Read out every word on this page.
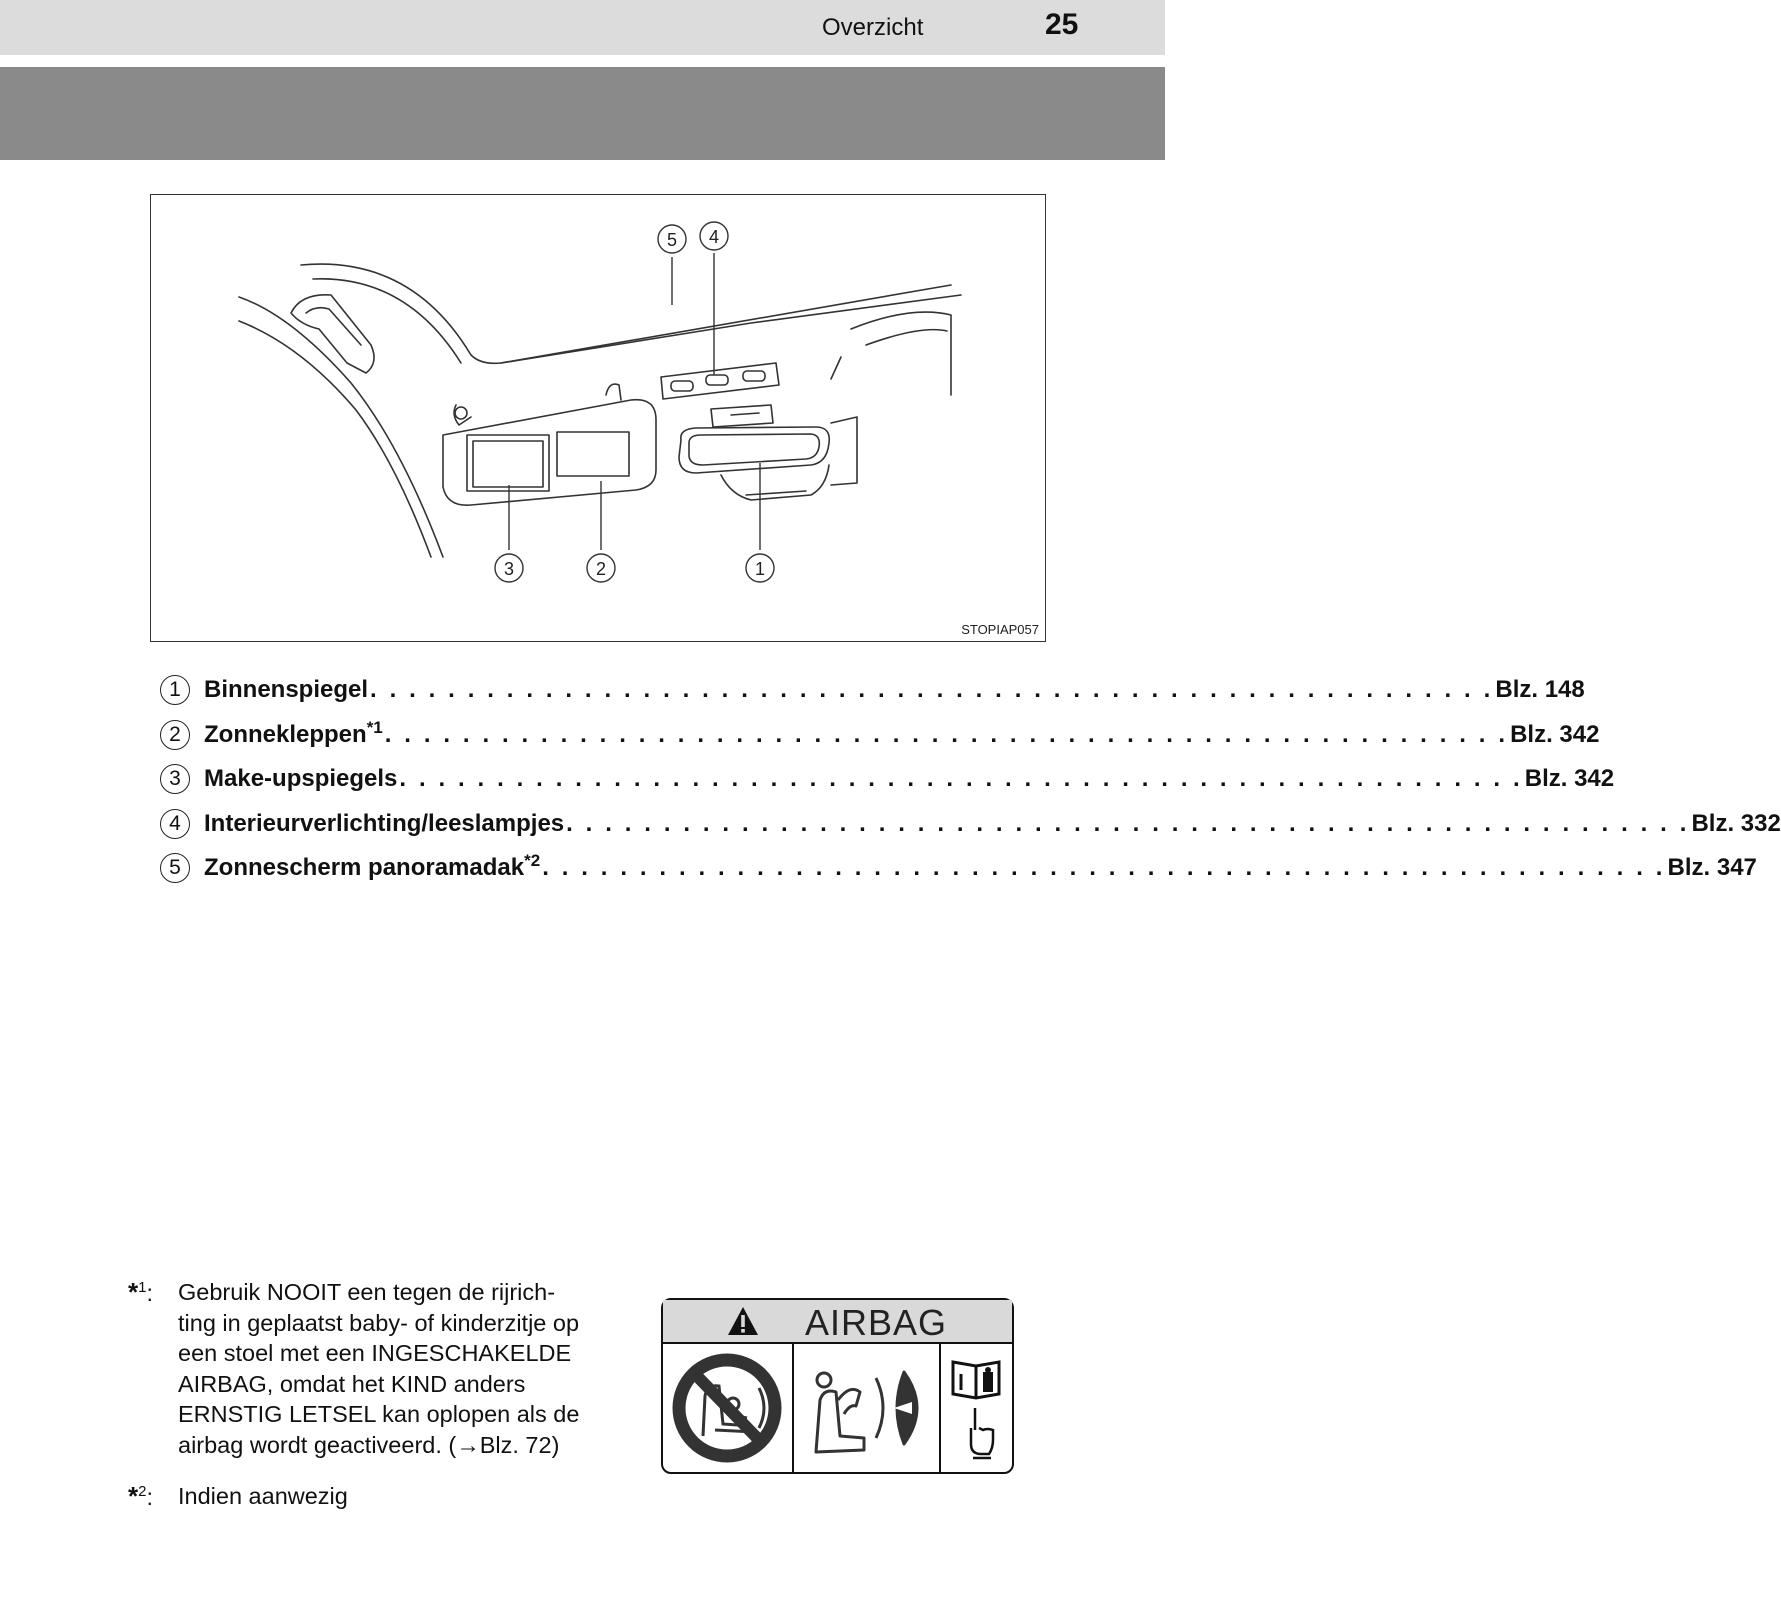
Overzicht	25
5 4
3	2	1
STOPIAP057
1 Binnenspiegel . . . . . . . . . . . . . . . . . . . . . . . . . . . . . . . . . . . . . . . . . . . . . . . . . . . . . . . . . . Blz. 148
2 Zonnekleppen$^{*1}$ . . . . . . . . . . . . . . . . . . . . . . . . . . . . . . . . . . . . . . . . . . . . . . . . . . . . . . . . . . Blz. 342
3 Make-upspiegels . . . . . . . . . . . . . . . . . . . . . . . . . . . . . . . . . . . . . . . . . . . . . . . . . . . . . . . . . . Blz. 342
4 Interieurverlichting/leeslampjes . . . . . . . . . . . . . . . . . . . . . . . . . . . . . . . . . . . . . . . . . . . . . . . . . . . . . . . . . . Blz. 332
5 Zonnescherm panoramadak$^{*2}$ . . . . . . . . . . . . . . . . . . . . . . . . . . . . . . . . . . . . . . . . . . . . . . . . . . . . . . . . . . Blz. 347
*$^1$:	Gebruik NOOIT een tegen de rijrich-
ting in geplaatst baby- of kinderzitje op
een stoel met een INGESCHAKELDE
AIRBAG, omdat het KIND anders
ERNSTIG LETSEL kan oplopen als de
airbag wordt geactiveerd. (→Blz. 72)
*$^2$:	Indien aanwezig
AIRBAG
